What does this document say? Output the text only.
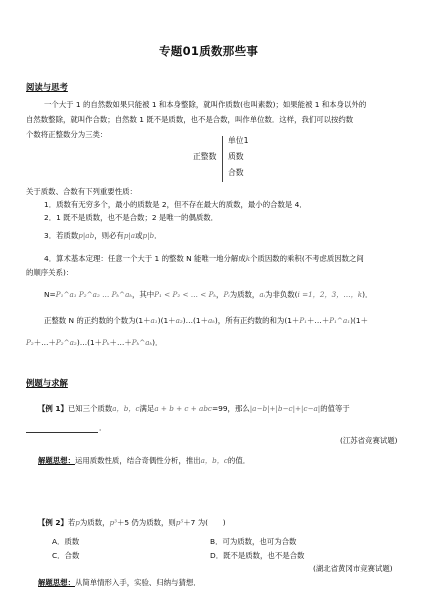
专题01质数那些事
阅读与思考
一个大于 1 的自然数如果只能被 1 和本身整除，就叫作质数(也叫素数)；如果能被 1 和本身以外的
自然数整除，就叫作合数；自然数 1 既不是质数，也不是合数，叫作单位数．这样，我们可以按约数
个数将正整数分为三类：
正整数
单位1
质数
合数
关于质数、合数有下列重要性质：
1．质数有无穷多个，最小的质数是 2，但不存在最大的质数，最小的合数是 4．
2．1 既不是质数，也不是合数；2 是唯一的偶质数．
3．若质数p|ab，则必有p|a或p|b．
4．算术基本定理：任意一个大于 1 的整数 N 能唯一地分解成k个质因数的乘积(不考虑质因数之间
的顺序关系)：
N=P₁^a₁ P₂^a₂ … Pₖ^aₖ，其中P₁ < P₂ < … < Pₖ，Pᵢ为质数，aᵢ为非负数(i =1，2，3，…，k)．
正整数 N 的正约数的个数为(1＋a₁)(1＋a₂)…(1＋aₖ)，所有正约数的和为(1＋P₁＋…＋P₁^a₁)(1＋
P₂＋…＋P₂^a₂)…(1＋Pₖ＋…＋Pₖ^aₖ)．
例题与求解
【例 1】已知三个质数a，b，c满足a + b + c + abc=99，那么|a−b|+|b−c|+|c−a|的值等于
．
(江苏省竞赛试题)
解题思想：运用质数性质，结合奇偶性分析，推出a，b，c的值．
【例 2】若p为质数，p³＋5 仍为质数，则p⁵＋7 为(　　)
A．质数	B．可为质数，也可为合数
C．合数	D．既不是质数，也不是合数
(湖北省黄冈市竞赛试题)
解题思想：从简单情形入手，实验、归纳与猜想．
